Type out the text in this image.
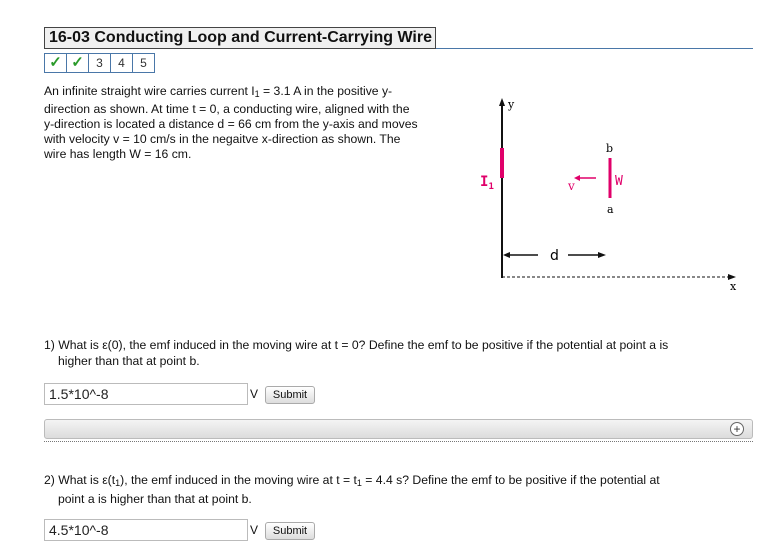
16-03 Conducting Loop and Current-Carrying Wire
✓ ✓	3	4	5
An infinite straight wire carries current $I_1 = 3.1$ A in the positive y-
direction as shown. At time t = 0, a conducting wire, aligned with the
y-direction is located a distance d = 66 cm from the y-axis and moves
with velocity v = 10 cm/s in the negaitve x-direction as shown. The
wire has length W = 16 cm.
y
$I_1$
x
b
W
a
v
d
1) What is ε(0), the emf induced in the moving wire at t = 0? Define the emf to be positive if the potential at point a is
higher than that at point b.
1.5*10^-8	V	Submit
+
2) What is $\varepsilon(t_1)$, the emf induced in the moving wire at $t = t_1 = 4.4$ s? Define the emf to be positive if the potential at
point a is higher than that at point b.
4.5*10^-8	V	Submit
